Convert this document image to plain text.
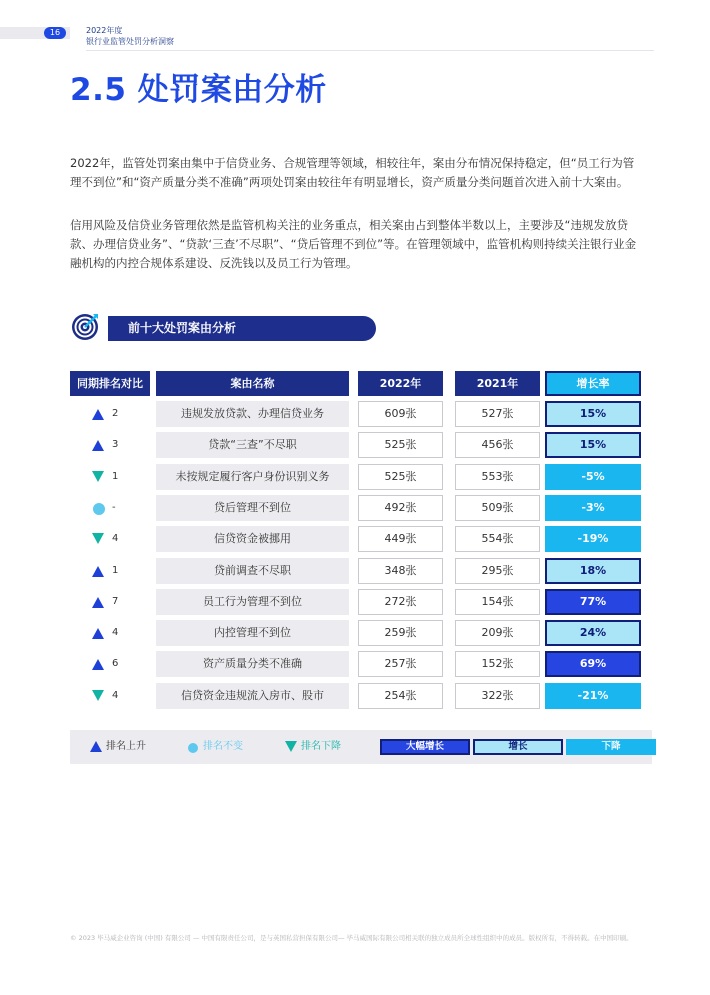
16	2022年度
银行业监管处罚分析洞察
2.5 处罚案由分析

2022年，监管处罚案由集中于信贷业务、合规管理等领域，相较往年，案由分布情况保持稳定，但“员工行为管理不到位”和“资产质量分类不准确”两项处罚案由较往年有明显增长，资产质量分类问题首次进入前十大案由。

信用风险及信贷业务管理依然是监管机构关注的业务重点，相关案由占到整体半数以上，主要涉及“违规发放贷款、办理信贷业务”、“贷款‘三查’不尽职”、“贷后管理不到位”等。在管理领域中，监管机构则持续关注银行业金融机构的内控合规体系建设、反洗钱以及员工行为管理。

前十大处罚案由分析
同期排名对比	案由名称	2022年	2021年	增长率
2	违规发放贷款、办理信贷业务	609张	527张	15%
3	贷款“三查”不尽职	525张	456张	15%
1	未按规定履行客户身份识别义务	525张	553张	-5%
-	贷后管理不到位	492张	509张	-3%
4	信贷资金被挪用	449张	554张	-19%
1	贷前调查不尽职	348张	295张	18%
7	员工行为管理不到位	272张	154张	77%
4	内控管理不到位	259张	209张	24%
6	资产质量分类不准确	257张	152张	69%
4	信贷资金违规流入房市、股市	254张	322张	-21%
排名上升	排名不变	排名下降	大幅增长	增长	下降
© 2023 毕马威企业咨询 (中国) 有限公司 — 中国有限责任公司，是与英国私营担保有限公司— 毕马威国际有限公司相关联的独立成员所全球性组织中的成员。版权所有，不得转载。在中国印刷。
